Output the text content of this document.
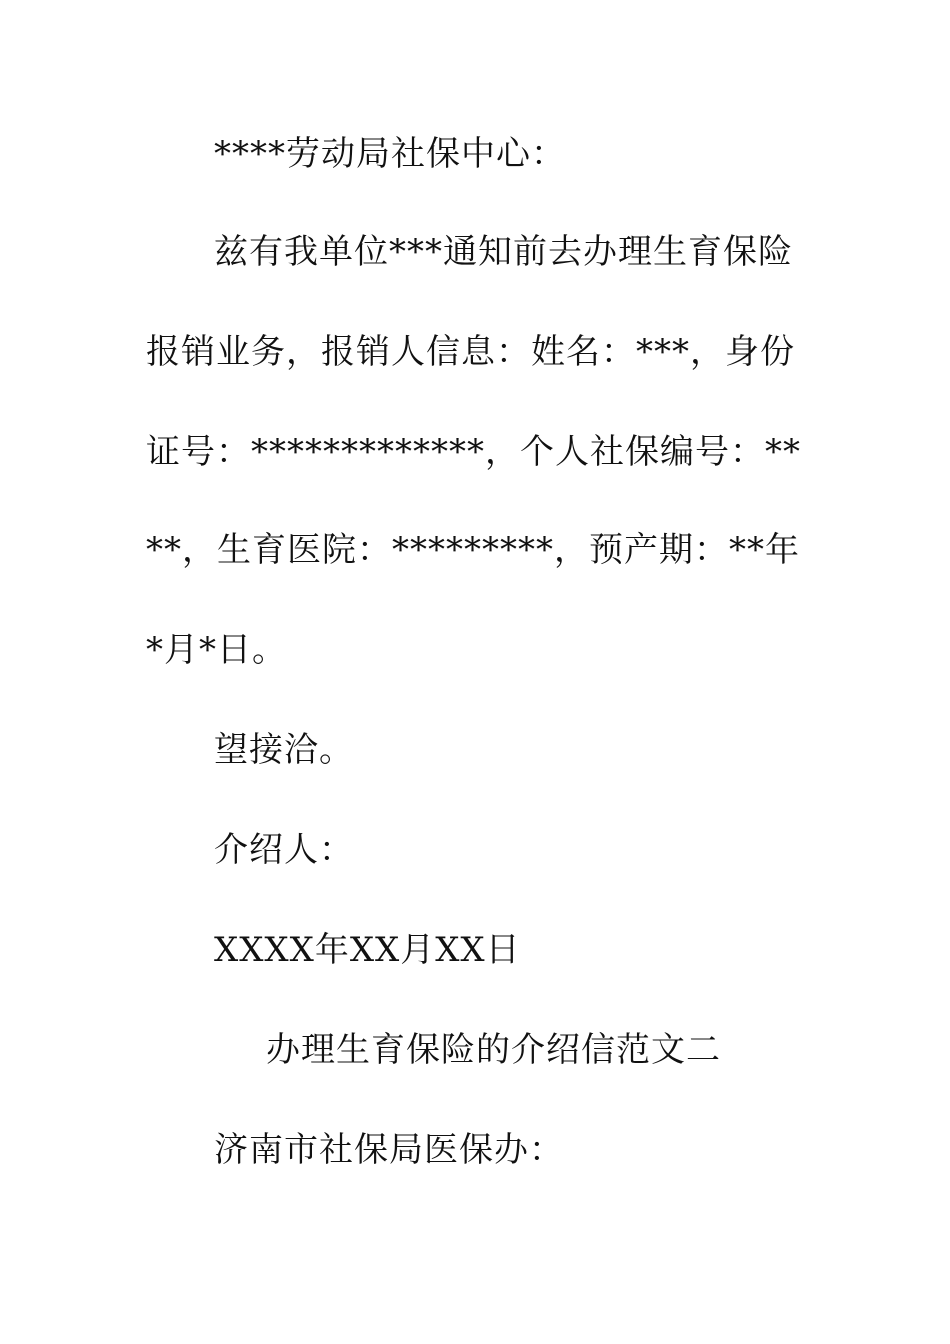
****劳动局社保中心：
兹有我单位***通知前去办理生育保险
报销业务，报销人信息：姓名：***，身份
证号：*************，个人社保编号：**
**，生育医院：*********，预产期：**年
*月*日。
望接洽。
介绍人：
XXXX年XX月XX日
办理生育保险的介绍信范文二
济南市社保局医保办：
